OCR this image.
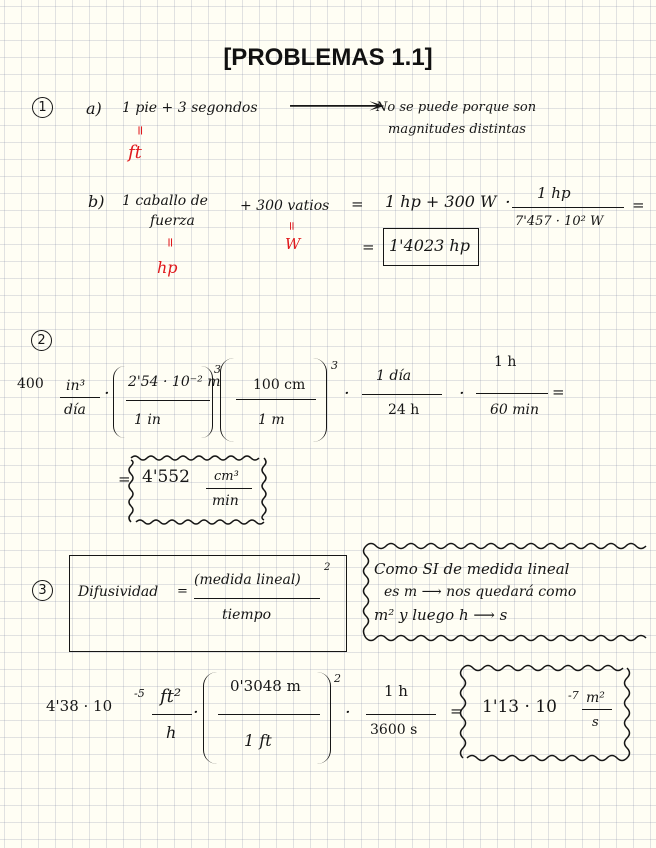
[PROBLEMAS 1.1]
1	a) 1 pie + 3 segondos
=
ft
⟶
No se puede porque son
magnitudes distintas
b) 1 caballo de
fuerza
=
hp
+ 300 vatios
=
W
= 1 hp + 300 W · 1 hp
7'457 · 10² W
=
= 1'4023 hp
2
400 in³
día
·
2'54 · 10⁻² m
1 in
3
100 cm
1 m
3
·
1 día
24 h
·
1 h
60 min
=
= 4'552 cm³
min
3	Difusividad =
(medida lineal)
2
tiempo
Como SI de medida lineal
es m ⟶ nos quedará como
m² y luego h ⟶ s
4'38 · 10
-5 ft²
h
·
0'3048 m
1 ft
2
·
1 h
3600 s
= 1'13 · 10
-7 m²
s
